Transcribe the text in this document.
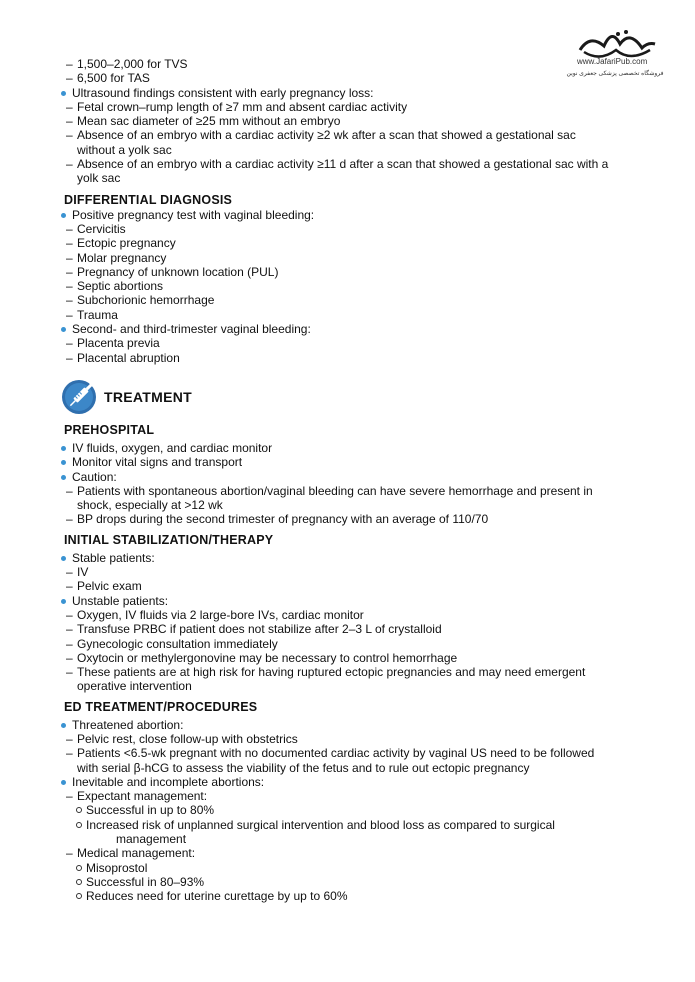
www.JafariPub.com
فروشگاه تخصصی پزشکی جعفری نوین
– 1,500–2,000 for TVS
– 6,500 for TAS
Ultrasound findings consistent with early pregnancy loss:
– Fetal crown–rump length of ≥7 mm and absent cardiac activity
– Mean sac diameter of ≥25 mm without an embryo
– Absence of an embryo with a cardiac activity ≥2 wk after a scan that showed a gestational sac
without a yolk sac
– Absence of an embryo with a cardiac activity ≥11 d after a scan that showed a gestational sac with a
yolk sac
DIFFERENTIAL DIAGNOSIS
Positive pregnancy test with vaginal bleeding:
– Cervicitis
– Ectopic pregnancy
– Molar pregnancy
– Pregnancy of unknown location (PUL)
– Septic abortions
– Subchorionic hemorrhage
– Trauma
Second- and third-trimester vaginal bleeding:
– Placenta previa
– Placental abruption
TREATMENT
PREHOSPITAL
IV fluids, oxygen, and cardiac monitor
Monitor vital signs and transport
Caution:
– Patients with spontaneous abortion/vaginal bleeding can have severe hemorrhage and present in
shock, especially at >12 wk
– BP drops during the second trimester of pregnancy with an average of 110/70
INITIAL STABILIZATION/THERAPY
Stable patients:
– IV
– Pelvic exam
Unstable patients:
– Oxygen, IV fluids via 2 large-bore IVs, cardiac monitor
– Transfuse PRBC if patient does not stabilize after 2–3 L of crystalloid
– Gynecologic consultation immediately
– Oxytocin or methylergonovine may be necessary to control hemorrhage
– These patients are at high risk for having ruptured ectopic pregnancies and may need emergent
operative intervention
ED TREATMENT/PROCEDURES
Threatened abortion:
– Pelvic rest, close follow-up with obstetrics
– Patients <6.5-wk pregnant with no documented cardiac activity by vaginal US need to be followed
with serial β-hCG to assess the viability of the fetus and to rule out ectopic pregnancy
Inevitable and incomplete abortions:
– Expectant management:
Successful in up to 80%
Increased risk of unplanned surgical intervention and blood loss as compared to surgical
management
– Medical management:
Misoprostol
Successful in 80–93%
Reduces need for uterine curettage by up to 60%
